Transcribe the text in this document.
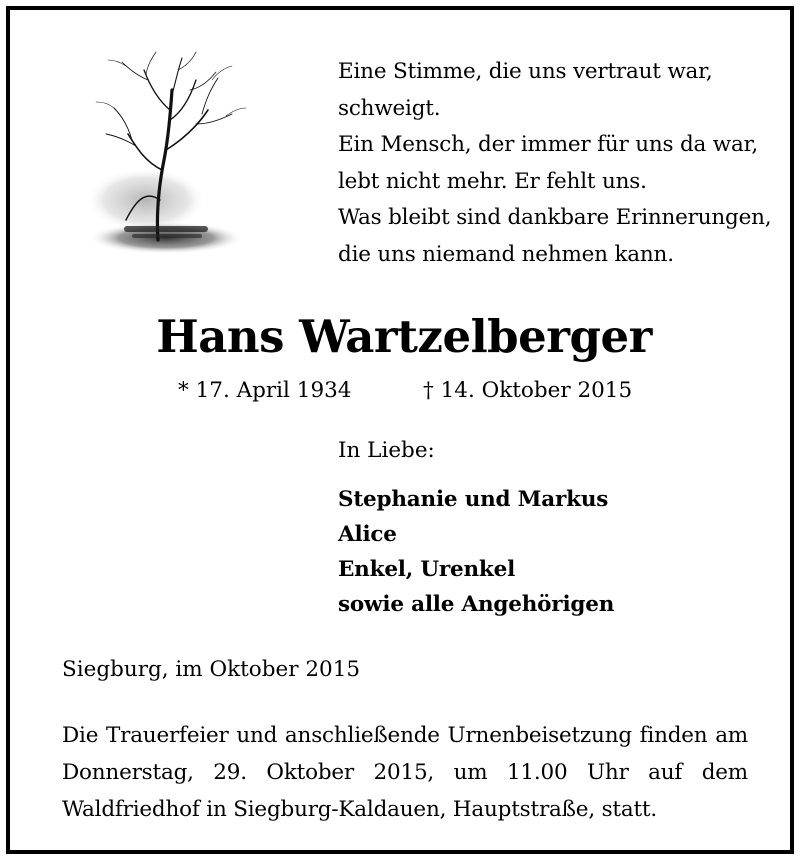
Eine Stimme, die uns vertraut war,
schweigt.
Ein Mensch, der immer für uns da war,
lebt nicht mehr. Er fehlt uns.
Was bleibt sind dankbare Erinnerungen,
die uns niemand nehmen kann.
Hans Wartzelberger
* 17. April 1934	† 14. Oktober 2015
In Liebe:
Stephanie und Markus
Alice
Enkel, Urenkel
sowie alle Angehörigen
Siegburg, im Oktober 2015
Die Trauerfeier und anschließende Urnenbeisetzung finden am Donnerstag, 29. Oktober 2015, um 11.00 Uhr auf dem Waldfriedhof in Siegburg-Kaldauen, Hauptstraße, statt.
